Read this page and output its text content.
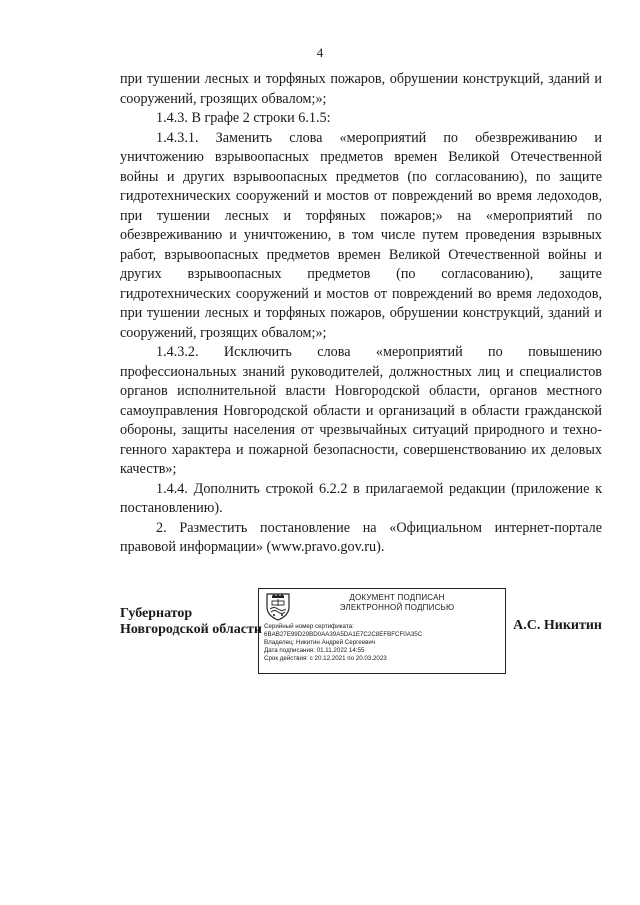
4

при тушении лесных и торфяных пожаров, обрушении конструкций, зданий и сооружений, грозящих обвалом;»;

1.4.3. В графе 2 строки 6.1.5:

1.4.3.1. Заменить слова «мероприятий по обезвреживанию и уничтожению взрывоопасных предметов времен Великой Отечественной войны и других взрывоопасных предметов (по согласованию), по защите гидротехнических сооружений и мостов от повреждений во время ледоходов, при тушении лесных и торфяных пожаров;» на «мероприятий по обезвреживанию и уничтожению, в том числе путем проведения взрывных работ, взрывоопасных предметов времен Великой Отечественной войны и других взрывоопасных предметов (по согласованию), защите гидротехнических сооружений и мостов от повреждений во время ледоходов, при тушении лесных и торфяных пожаров, обрушении конструкций, зданий и сооружений, грозящих обвалом;»;

1.4.3.2. Исключить слова «мероприятий по повышению профессиональных знаний руководителей, должностных лиц и специалистов органов исполнительной власти Новгородской области, органов местного самоуправления Новгородской области и организаций в области гражданской обороны, защиты населения от чрезвычайных ситуаций природного и техно-генного характера и пожарной безопасности, совершенствованию их деловых качеств»;

1.4.4. Дополнить строкой 6.2.2 в прилагаемой редакции (приложение к постановлению).

2. Разместить постановление на «Официальном интернет-портале правовой информации» (www.pravo.gov.ru).

Губернатор
Новгородской области
ДОКУМЕНТ ПОДПИСАН
ЭЛЕКТРОННОЙ ПОДПИСЬЮ
Серийный номер сертификата:
6BAB27E99D29BD0AA39A5DA1E7C2C8EFBFCF0A35C
Владелец: Никитин Андрей Сергеевич
Дата подписания: 01.11.2022 14:55
Срок действия: с 20.12.2021 по 20.03.2023
А.С. Никитин
